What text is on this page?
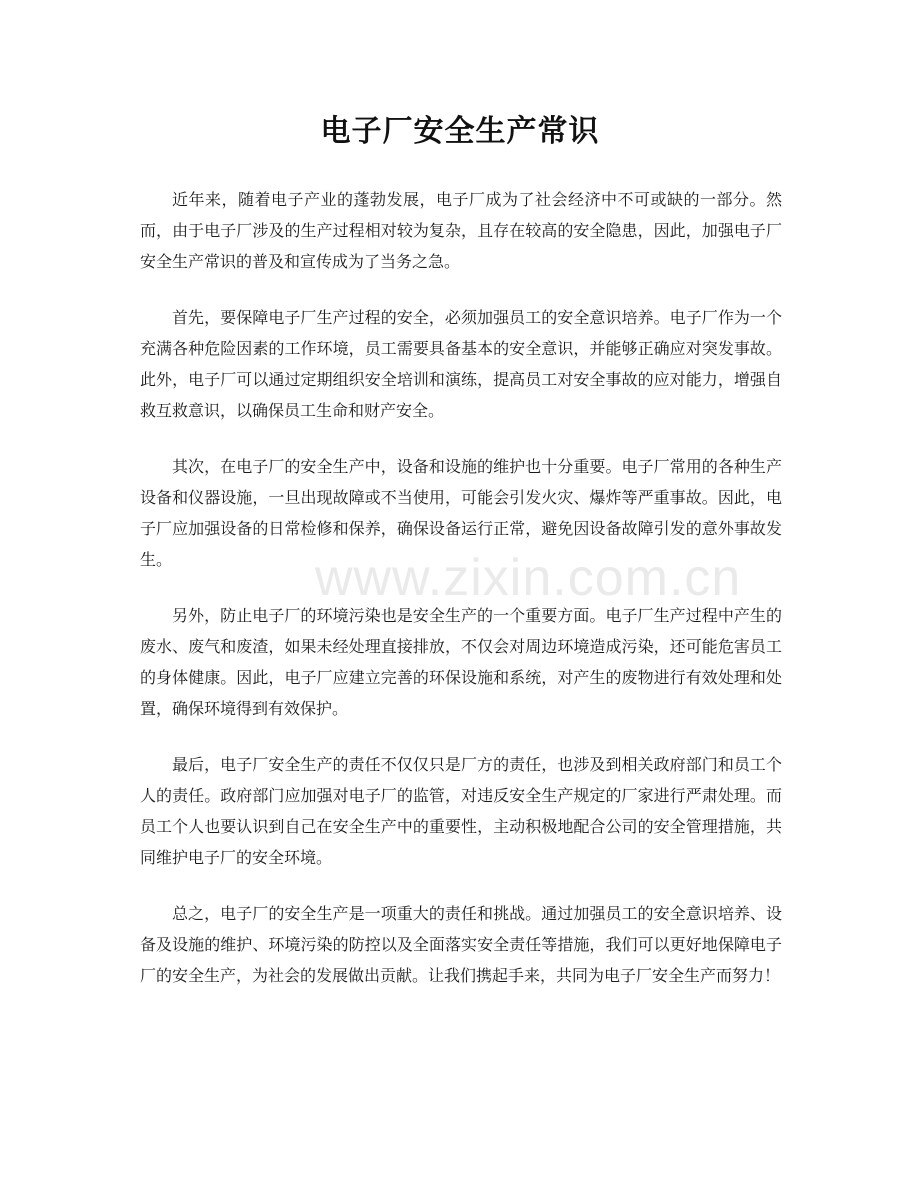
电子厂安全生产常识

近年来，随着电子产业的蓬勃发展，电子厂成为了社会经济中不可或缺的一部分。然而，由于电子厂涉及的生产过程相对较为复杂，且存在较高的安全隐患，因此，加强电子厂安全生产常识的普及和宣传成为了当务之急。

首先，要保障电子厂生产过程的安全，必须加强员工的安全意识培养。电子厂作为一个充满各种危险因素的工作环境，员工需要具备基本的安全意识，并能够正确应对突发事故。此外，电子厂可以通过定期组织安全培训和演练，提高员工对安全事故的应对能力，增强自救互救意识，以确保员工生命和财产安全。

其次，在电子厂的安全生产中，设备和设施的维护也十分重要。电子厂常用的各种生产设备和仪器设施，一旦出现故障或不当使用，可能会引发火灾、爆炸等严重事故。因此，电子厂应加强设备的日常检修和保养，确保设备运行正常，避免因设备故障引发的意外事故发生。

另外，防止电子厂的环境污染也是安全生产的一个重要方面。电子厂生产过程中产生的废水、废气和废渣，如果未经处理直接排放，不仅会对周边环境造成污染，还可能危害员工的身体健康。因此，电子厂应建立完善的环保设施和系统，对产生的废物进行有效处理和处置，确保环境得到有效保护。

最后，电子厂安全生产的责任不仅仅只是厂方的责任，也涉及到相关政府部门和员工个人的责任。政府部门应加强对电子厂的监管，对违反安全生产规定的厂家进行严肃处理。而员工个人也要认识到自己在安全生产中的重要性，主动积极地配合公司的安全管理措施，共同维护电子厂的安全环境。

总之，电子厂的安全生产是一项重大的责任和挑战。通过加强员工的安全意识培养、设备及设施的维护、环境污染的防控以及全面落实安全责任等措施，我们可以更好地保障电子厂的安全生产，为社会的发展做出贡献。让我们携起手来，共同为电子厂安全生产而努力！

www.zixin.com.cn
